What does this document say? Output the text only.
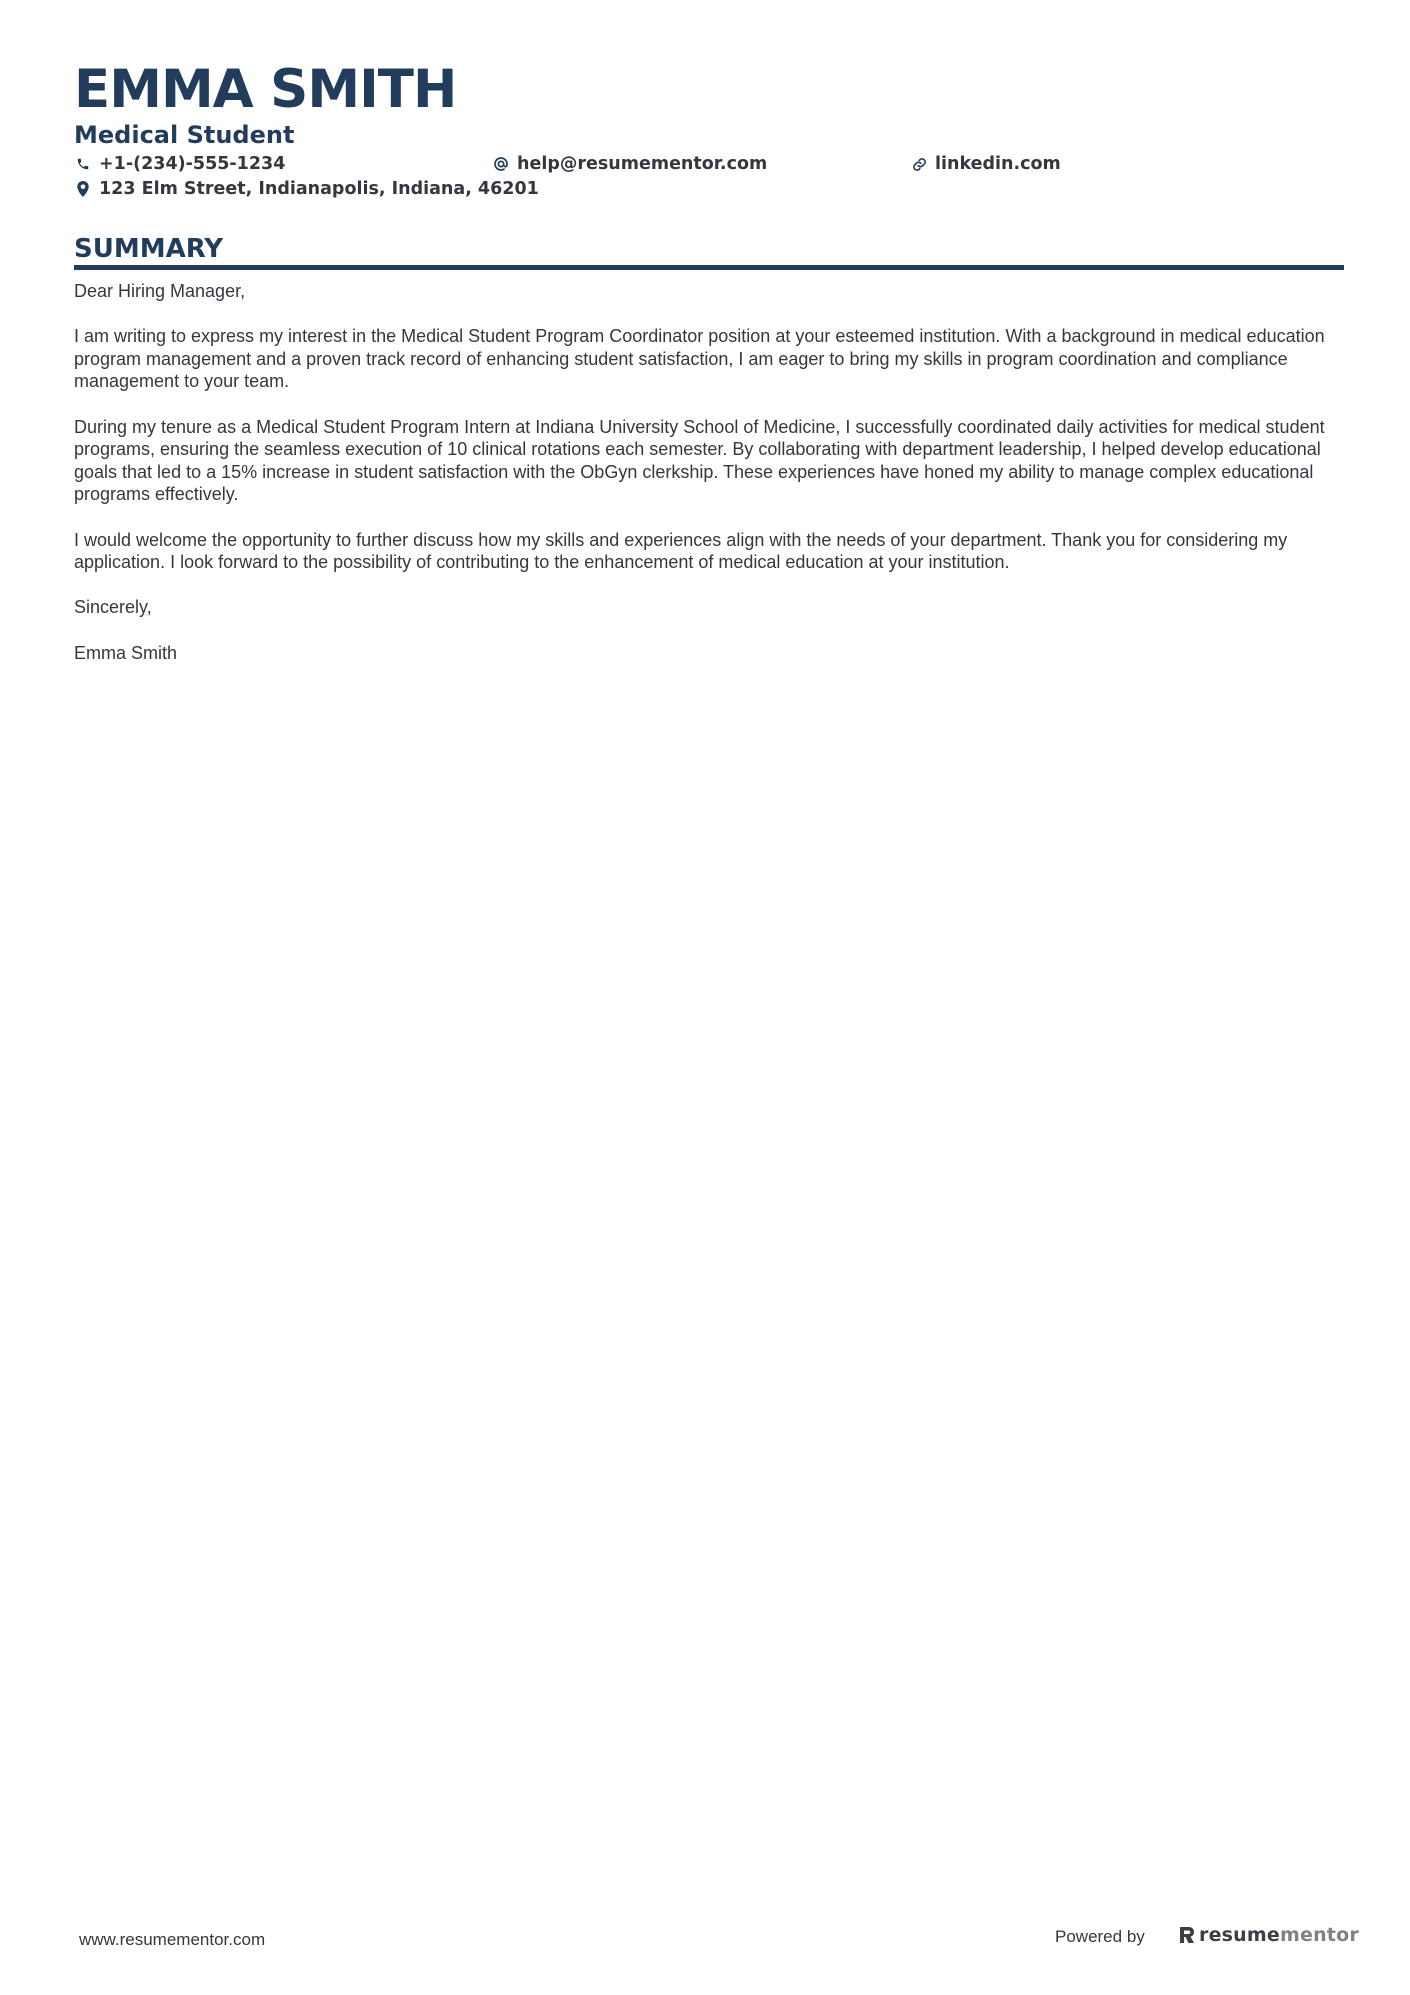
EMMA SMITH
Medical Student
+1-(234)-555-1234	help@resumementor.com	linkedin.com
123 Elm Street, Indianapolis, Indiana, 46201
SUMMARY

Dear Hiring Manager,

I am writing to express my interest in the Medical Student Program Coordinator position at your esteemed institution. With a background in medical education program management and a proven track record of enhancing student satisfaction, I am eager to bring my skills in program coordination and compliance management to your team.

During my tenure as a Medical Student Program Intern at Indiana University School of Medicine, I successfully coordinated daily activities for medical student programs, ensuring the seamless execution of 10 clinical rotations each semester. By collaborating with department leadership, I helped develop educational goals that led to a 15% increase in student satisfaction with the ObGyn clerkship. These experiences have honed my ability to manage complex educational programs effectively.

I would welcome the opportunity to further discuss how my skills and experiences align with the needs of your department. Thank you for considering my application. I look forward to the possibility of contributing to the enhancement of medical education at your institution.

Sincerely,

Emma Smith

www.resumementor.com	Powered by	resume mentor
